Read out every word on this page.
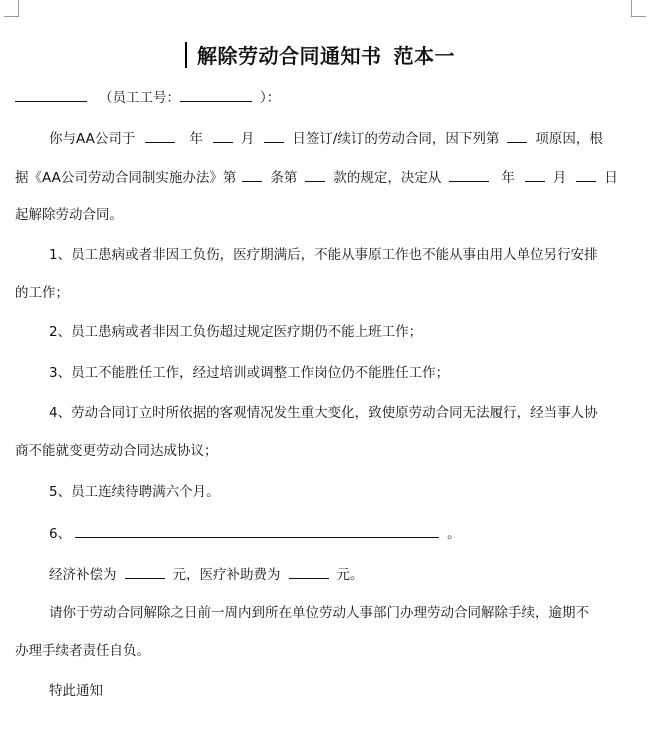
解除劳动合同通知书 范本一
（员工工号：	）：
你与AA公司于	年	月	日签订/续订的劳动合同，因下列第	项原因，根
据《AA公司劳动合同制实施办法》第	条第	款的规定，决定从	年	月	日
起解除劳动合同。
1、员工患病或者非因工负伤，医疗期满后，不能从事原工作也不能从事由用人单位另行安排
的工作；
2、员工患病或者非因工负伤超过规定医疗期仍不能上班工作；
3、员工不能胜任工作，经过培训或调整工作岗位仍不能胜任工作；
4、劳动合同订立时所依据的客观情况发生重大变化，致使原劳动合同无法履行，经当事人协
商不能就变更劳动合同达成协议；
5、员工连续待聘满六个月。
6、	。
经济补偿为	元，医疗补助费为	元。
请你于劳动合同解除之日前一周内到所在单位劳动人事部门办理劳动合同解除手续，逾期不
办理手续者责任自负。
特此通知
